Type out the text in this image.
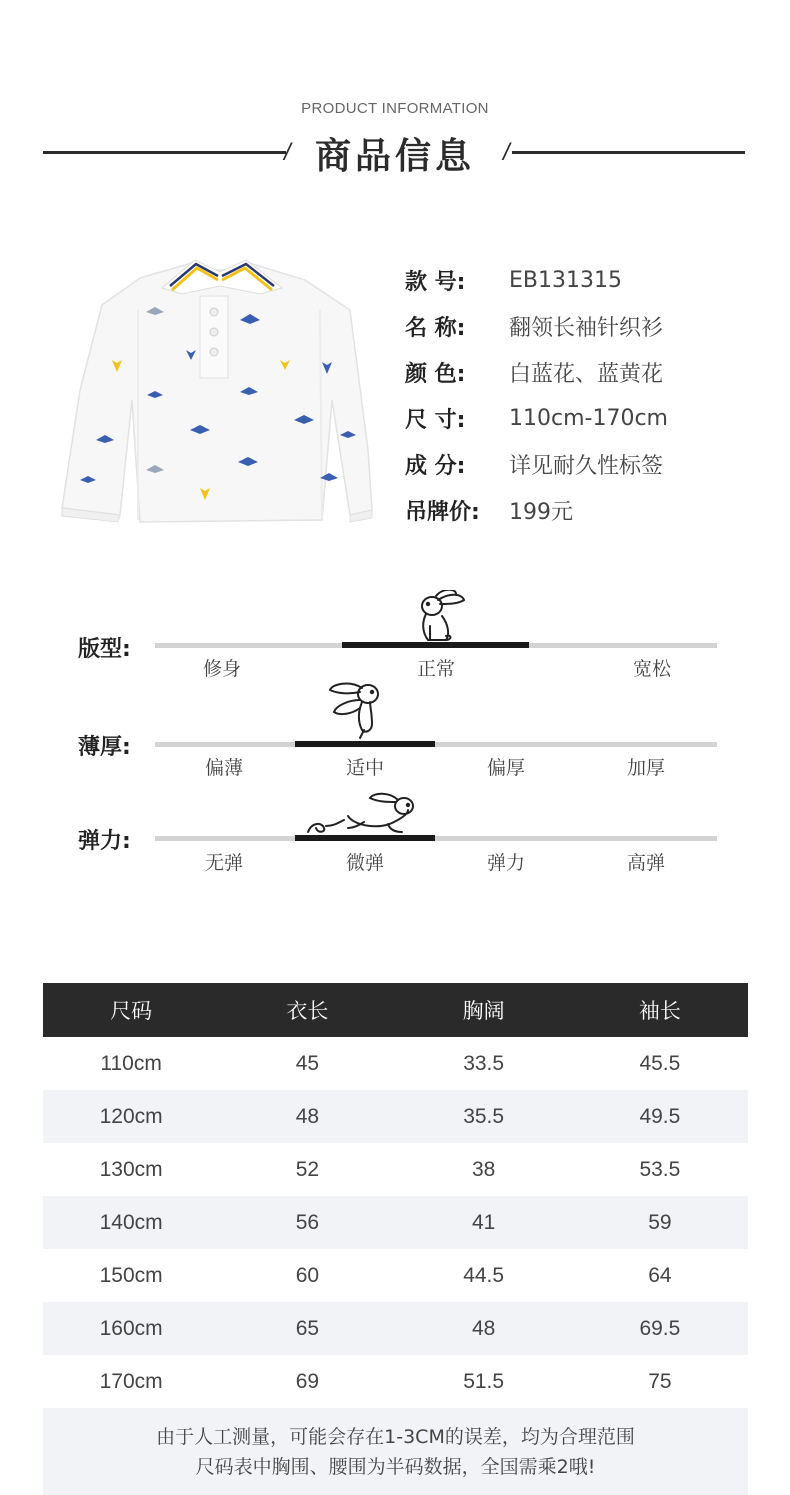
PRODUCT INFORMATION
/ 商品信息	/
款 号:	EB131315
名 称:	翻领长袖针织衫
颜 色:	白蓝花、蓝黄花
尺 寸:	110cm-170cm
成 分:	详见耐久性标签
吊牌价:	199元
版型:
修身	正常	宽松
薄厚:
偏薄	适中	偏厚	加厚
弹力:
无弹	微弹	弹力	高弹
尺码	衣长	胸阔	袖长
110cm	45	33.5	45.5
120cm	48	35.5	49.5
130cm	52	38	53.5
140cm	56	41	59
150cm	60	44.5	64
160cm	65	48	69.5
170cm	69	51.5	75
由于人工测量，可能会存在1-3CM的误差，均为合理范围
尺码表中胸围、腰围为半码数据，全国需乘2哦!
